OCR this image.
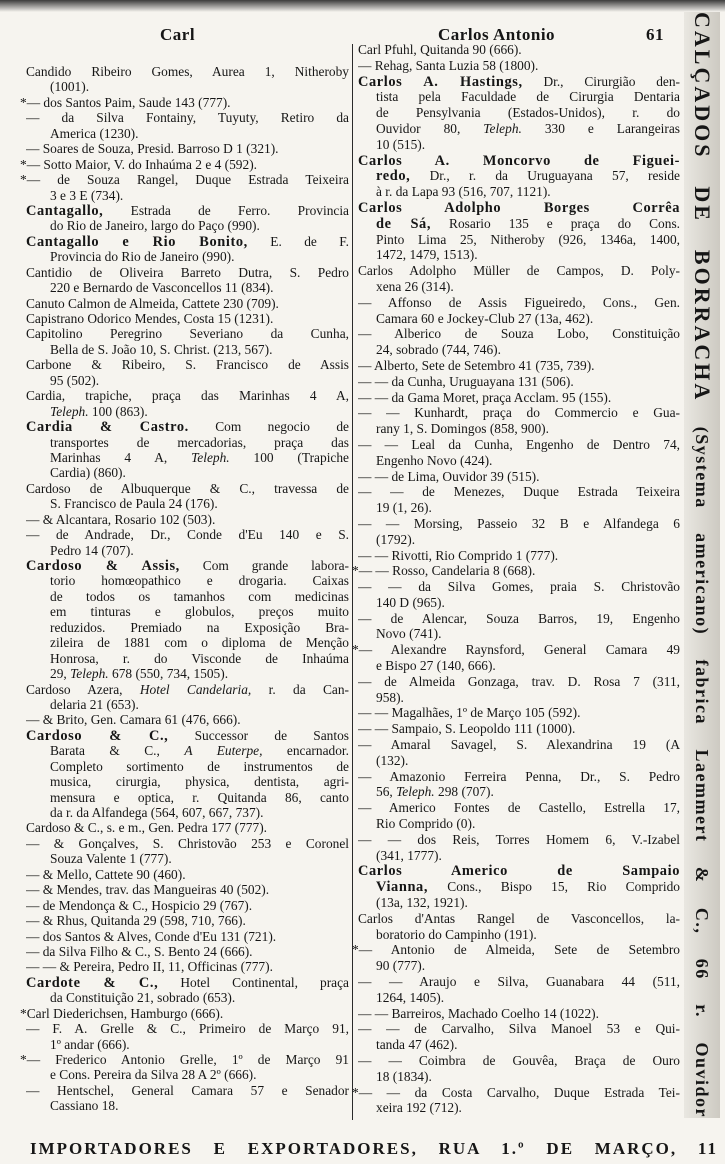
Carl	Carlos Antonio	61
Candido Ribeiro Gomes, Aurea 1, Nitheroby
(1001).
*— dos Santos Paim, Saude 143 (777).
— da Silva Fontainy, Tuyuty, Retiro da
America (1230).
— Soares de Souza, Presid. Barroso D 1 (321).
*— Sotto Maior, V. do Inhaúma 2 e 4 (592).
*— de Souza Rangel, Duque Estrada Teixeira
3 e 3 E (734).
Cantagallo, Estrada de Ferro. Provincia
do Rio de Janeiro, largo do Paço (990).
Cantagallo e Rio Bonito, E. de F.
Provincia do Rio de Janeiro (990).
Cantidio de Oliveira Barreto Dutra, S. Pedro
220 e Bernardo de Vasconcellos 11 (834).
Canuto Calmon de Almeida, Cattete 230 (709).
Capistrano Odorico Mendes, Costa 15 (1231).
Capitolino Peregrino Severiano da Cunha,
Bella de S. João 10, S. Christ. (213, 567).
Carbone & Ribeiro, S. Francisco de Assis
95 (502).
Cardia, trapiche, praça das Marinhas 4 A,
Teleph. 100 (863).
Cardia & Castro. Com negocio de
transportes de mercadorias, praça das
Marinhas 4 A, Teleph. 100 (Trapiche
Cardia) (860).
Cardoso de Albuquerque & C., travessa de
S. Francisco de Paula 24 (176).
— & Alcantara, Rosario 102 (503).
— de Andrade, Dr., Conde d'Eu 140 e S.
Pedro 14 (707).
Cardoso & Assis, Com grande labora-
torio homœopathico e drogaria. Caixas
de todos os tamanhos com medicinas
em tinturas e globulos, preços muito
reduzidos. Premiado na Exposição Bra-
zileira de 1881 com o diploma de Menção
Honrosa, r. do Visconde de Inhaúma
29, Teleph. 678 (550, 734, 1505).
Cardoso Azera, Hotel Candelaria, r. da Can-
delaria 21 (653).
— & Brito, Gen. Camara 61 (476, 666).
Cardoso & C., Successor de Santos
Barata & C., A Euterpe, encarnador.
Completo sortimento de instrumentos de
musica, cirurgia, physica, dentista, agri-
mensura e optica, r. Quitanda 86, canto
da r. da Alfandega (564, 607, 667, 737).
Cardoso & C., s. e m., Gen. Pedra 177 (777).
— & Gonçalves, S. Christovão 253 e Coronel
Souza Valente 1 (777).
— & Mello, Cattete 90 (460).
— & Mendes, trav. das Mangueiras 40 (502).
— de Mendonça & C., Hospicio 29 (767).
— & Rhus, Quitanda 29 (598, 710, 766).
— dos Santos & Alves, Conde d'Eu 131 (721).
— da Silva Filho & C., S. Bento 24 (666).
— — & Pereira, Pedro II, 11, Officinas (777).
Cardote & C., Hotel Continental, praça
da Constituição 21, sobrado (653).
*Carl Diederichsen, Hamburgo (666).
— F. A. Grelle & C., Primeiro de Março 91,
1º andar (666).
*— Frederico Antonio Grelle, 1º de Março 91
e Cons. Pereira da Silva 28 A 2º (666).
— Hentschel, General Camara 57 e Senador
Cassiano 18.
Carl Pfuhl, Quitanda 90 (666).
— Rehag, Santa Luzia 58 (1800).
Carlos A. Hastings, Dr., Cirurgião den-
tista pela Faculdade de Cirurgia Dentaria
de Pensylvania (Estados-Unidos), r. do
Ouvidor 80, Teleph. 330 e Larangeiras
10 (515).
Carlos A. Moncorvo de Figuei-
redo, Dr., r. da Uruguayana 57, reside
à r. da Lapa 93 (516, 707, 1121).
Carlos Adolpho Borges Corrêa
de Sá, Rosario 135 e praça do Cons.
Pinto Lima 25, Nitheroby (926, 1346a, 1400,
1472, 1479, 1513).
Carlos Adolpho Müller de Campos, D. Poly-
xena 26 (314).
— Affonso de Assis Figueiredo, Cons., Gen.
Camara 60 e Jockey-Club 27 (13a, 462).
— Alberico de Souza Lobo, Constituição
24, sobrado (744, 746).
— Alberto, Sete de Setembro 41 (735, 739).
— — da Cunha, Uruguayana 131 (506).
— — da Gama Moret, praça Acclam. 95 (155).
— — Kunhardt, praça do Commercio e Gua-
rany 1, S. Domingos (858, 900).
— — Leal da Cunha, Engenho de Dentro 74,
Engenho Novo (424).
— — de Lima, Ouvidor 39 (515).
— — de Menezes, Duque Estrada Teixeira
19 (1, 26).
— — Morsing, Passeio 32 B e Alfandega 6
(1792).
— — Rivotti, Rio Comprido 1 (777).
*— — Rosso, Candelaria 8 (668).
— — da Silva Gomes, praia S. Christovão
140 D (965).
— de Alencar, Souza Barros, 19, Engenho
Novo (741).
*— Alexandre Raynsford, General Camara 49
e Bispo 27 (140, 666).
— de Almeida Gonzaga, trav. D. Rosa 7 (311,
958).
— — Magalhães, 1º de Março 105 (592).
— — Sampaio, S. Leopoldo 111 (1000).
— Amaral Savagel, S. Alexandrina 19 (A
(132).
— Amazonio Ferreira Penna, Dr., S. Pedro
56, Teleph. 298 (707).
— Americo Fontes de Castello, Estrella 17,
Rio Comprido (0).
— — dos Reis, Torres Homem 6, V.-Izabel
(341, 1777).
Carlos Americo de Sampaio
Vianna, Cons., Bispo 15, Rio Comprido
(13a, 132, 1921).
Carlos d'Antas Rangel de Vasconcellos, la-
boratorio do Campinho (191).
*— Antonio de Almeida, Sete de Setembro
90 (777).
— — Araujo e Silva, Guanabara 44 (511,
1264, 1405).
— — Barreiros, Machado Coelho 14 (1022).
— — de Carvalho, Silva Manoel 53 e Qui-
tanda 47 (462).
— — Coimbra de Gouvêa, Braça de Ouro
18 (1834).
*— — da Costa Carvalho, Duque Estrada Tei-
xeira 192 (712).
CALÇADOS DE BORRACHA (Systema americano) fabrica Laemmert & C., 66 r. Ouvidor
IMPORTADORES E EXPORTADORES, RUA 1.º DE MARÇO, 11
